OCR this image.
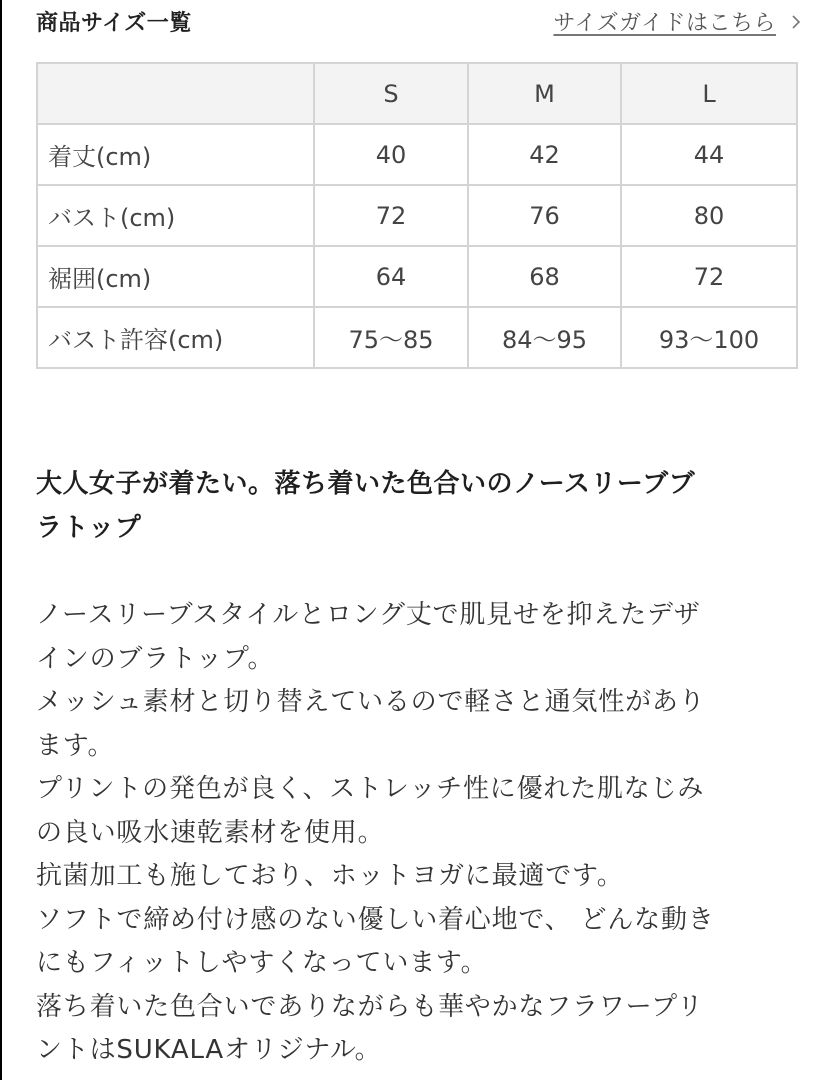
商品サイズ一覧	サイズガイドはこちら
	S	M	L
着丈(cm)	40	42	44
バスト(cm)	72	76	80
裾囲(cm)	64	68	72
バスト許容(cm)	75〜85	84〜95	93〜100
大人女子が着たい。落ち着いた色合いのノースリーブブ
ラトップ
ノースリーブスタイルとロング丈で肌見せを抑えたデザ
インのブラトップ。
メッシュ素材と切り替えているので軽さと通気性があり
ます。
プリントの発色が良く、ストレッチ性に優れた肌なじみ
の良い吸水速乾素材を使用。
抗菌加工も施しており、ホットヨガに最適です。
ソフトで締め付け感のない優しい着心地で、 どんな動き
にもフィットしやすくなっています。
落ち着いた色合いでありながらも華やかなフラワープリ
ントはSUKALAオリジナル。
